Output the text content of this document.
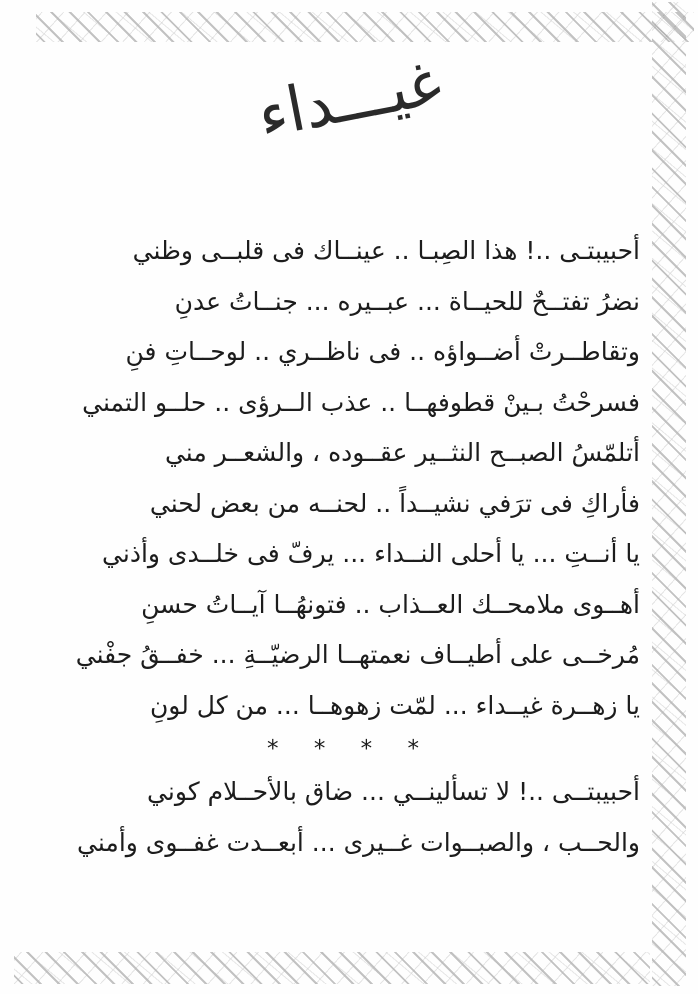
غيـــداء

أحبيبتـى ..! هذا الصِبـا .. عينــاك فى قلبــى وظني

نضرُ تفتــحٌ للحيــاة ... عبــيره ... جنــاتُ عدنِ

وتقاطــرتْ أضــواؤه .. فى ناظــري .. لوحــاتِ فنِ

فسرحْتُ بـينْ قطوفهــا .. عذب الــرؤى .. حلــو التمني

أتلمّسُ الصبــح النثــير عقــوده ، والشعــر مني

فأراكِ فى ترَفي نشيــداً .. لحنــه من بعض لحني

يا أنــتِ ... يا أحلى النــداء ... يرفّ فى خلــدى وأذني

أهــوى ملامحــك العــذاب .. فتونهُــا آيــاتُ حسنِ

مُرخــى على أطيــاف نعمتهــا الرضيّــةِ ... خفــقُ جفْني

يا زهــرة غيــداء ... لمّت زهوهــا ... من كل لونِ

* * * *

أحبيبتــى ..! لا تسألينــي ... ضاق بالأحــلام كوني

والحــب ، والصبــوات غــيرى ... أبعــدت غفــوى وأمني
